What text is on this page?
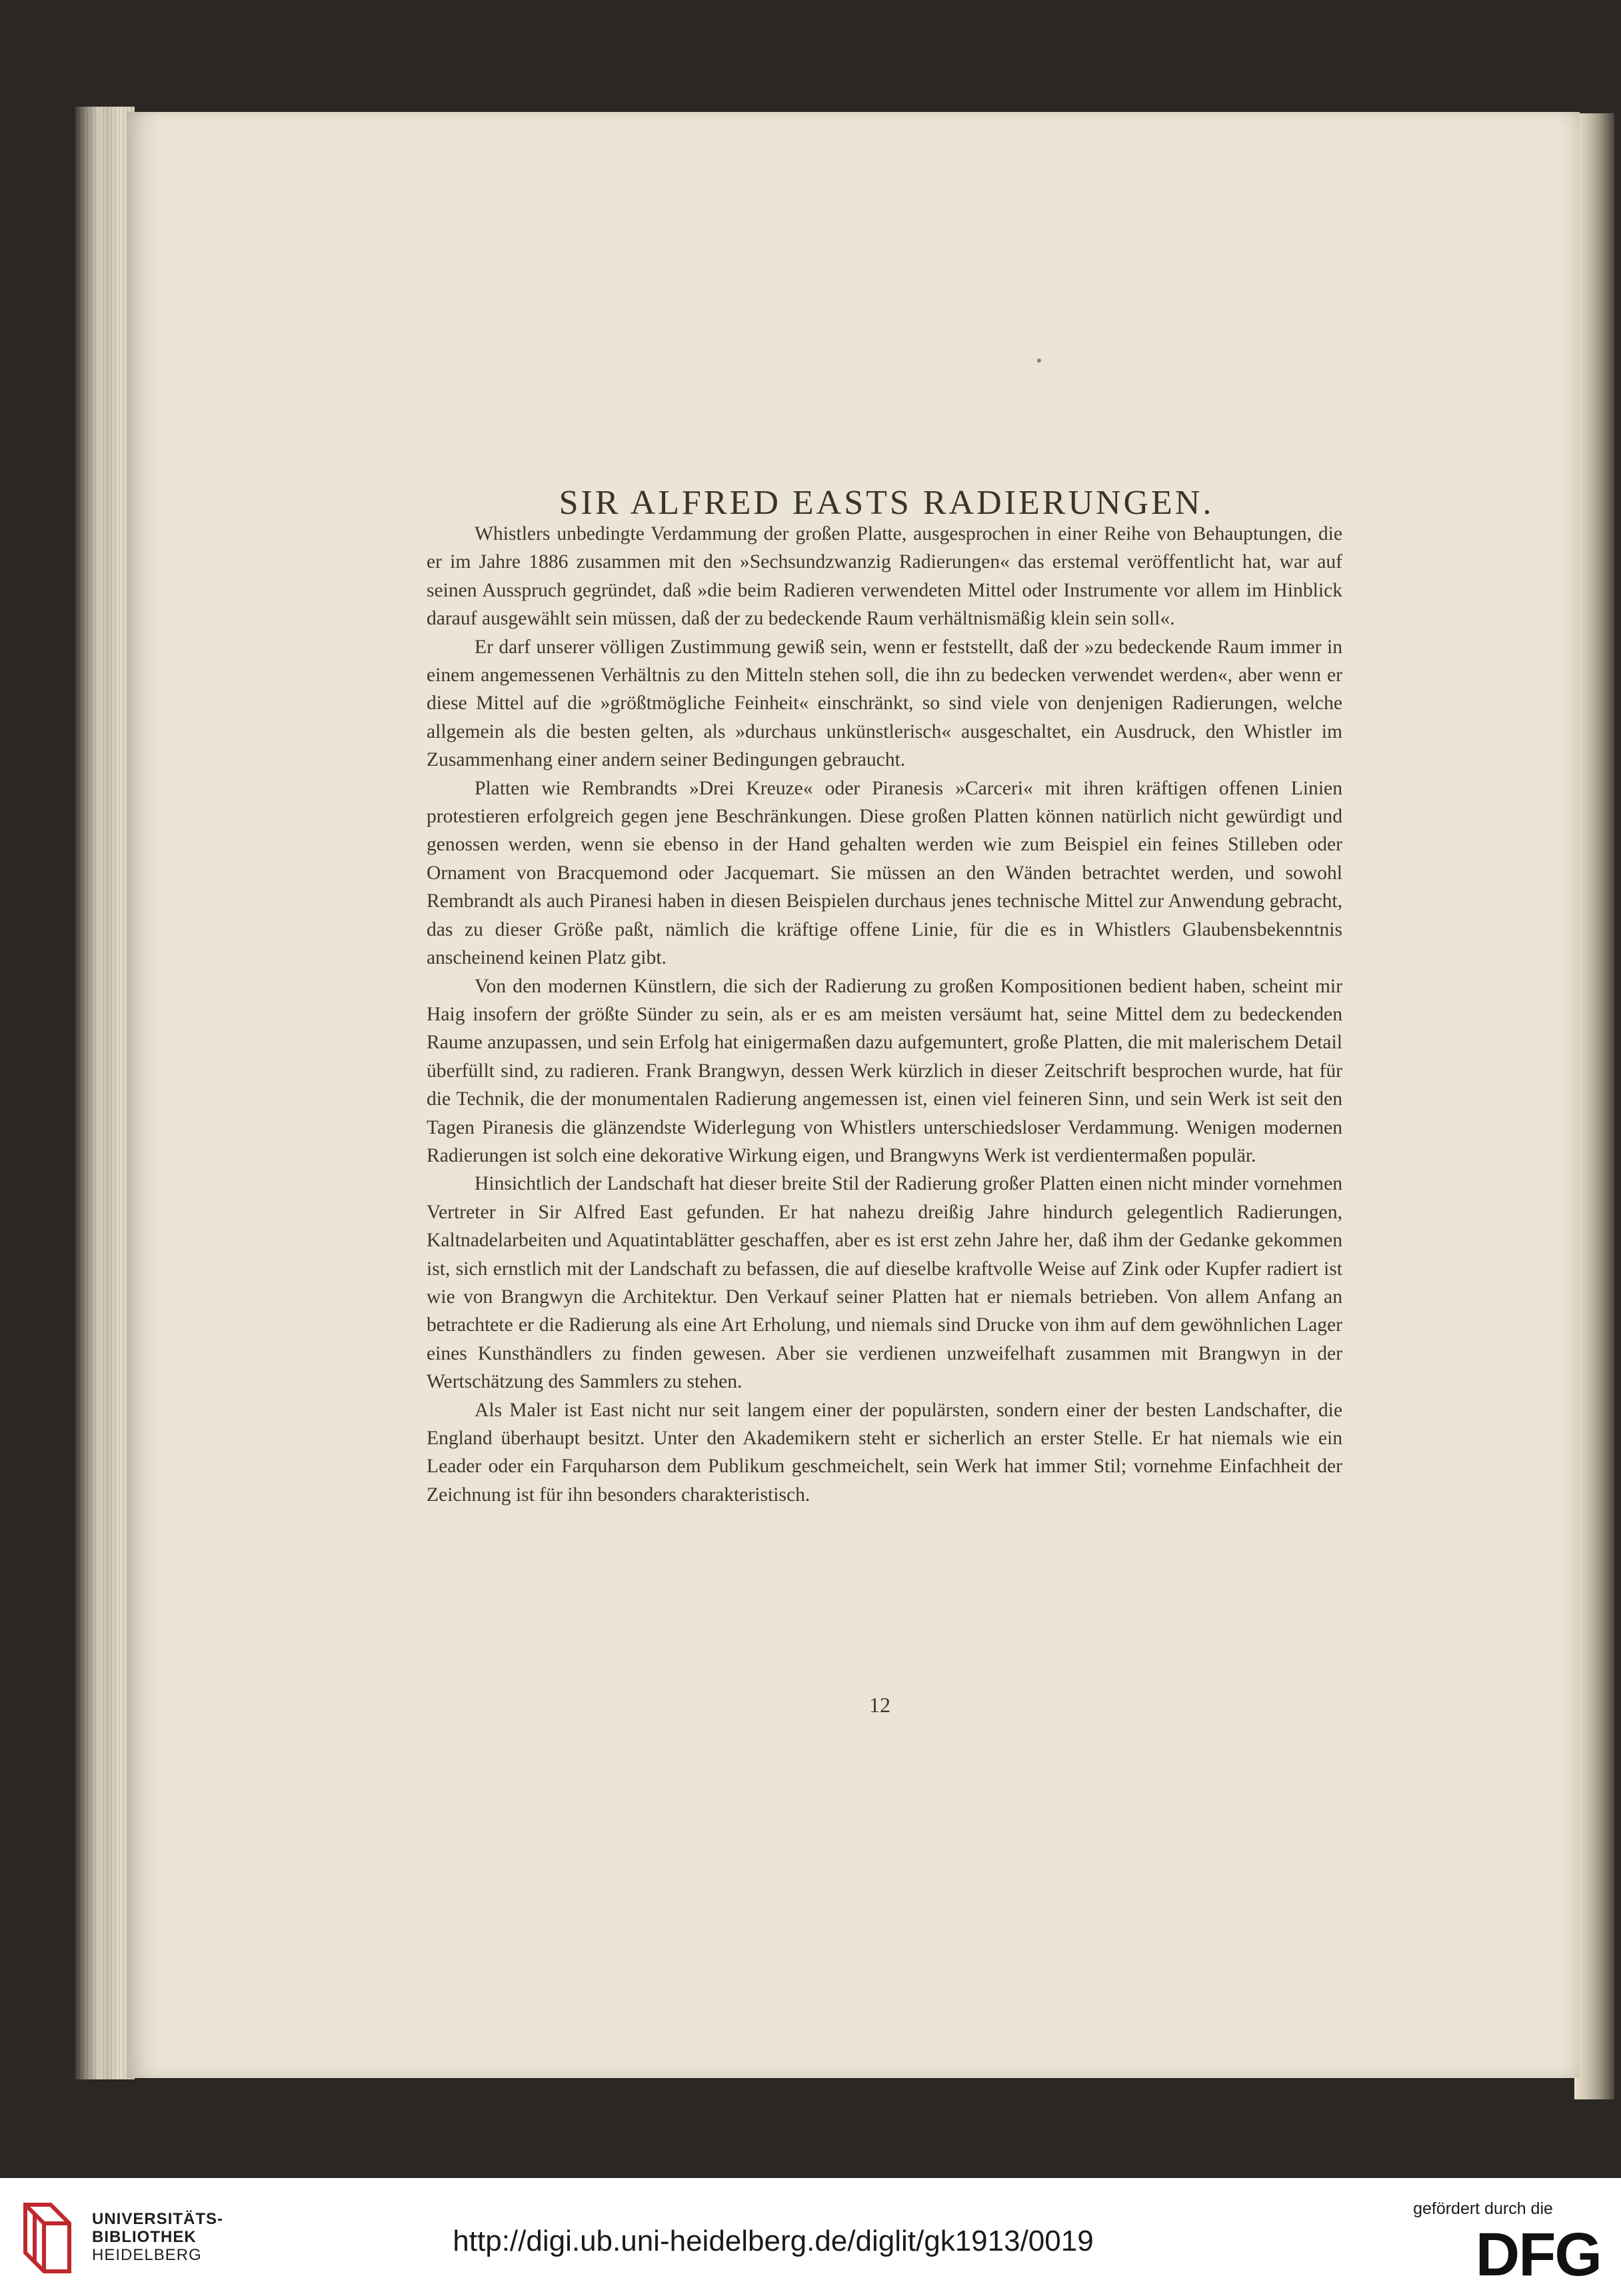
SIR ALFRED EASTS RADIERUNGEN.

Whistlers unbedingte Verdammung der großen Platte, ausgesprochen in einer Reihe von Behauptungen, die er im Jahre 1886 zusammen mit den »Sechsundzwanzig Radierungen« das erstemal veröffentlicht hat, war auf seinen Ausspruch gegründet, daß »die beim Radieren verwendeten Mittel oder Instrumente vor allem im Hinblick darauf ausgewählt sein müssen, daß der zu bedeckende Raum verhältnismäßig klein sein soll«.

Er darf unserer völligen Zustimmung gewiß sein, wenn er feststellt, daß der »zu bedeckende Raum immer in einem angemessenen Verhältnis zu den Mitteln stehen soll, die ihn zu bedecken verwendet werden«, aber wenn er diese Mittel auf die »größtmögliche Feinheit« einschränkt, so sind viele von denjenigen Radierungen, welche allgemein als die besten gelten, als »durchaus unkünstlerisch« ausgeschaltet, ein Ausdruck, den Whistler im Zusammenhang einer andern seiner Bedingungen gebraucht.

Platten wie Rembrandts »Drei Kreuze« oder Piranesis »Carceri« mit ihren kräftigen offenen Linien protestieren erfolgreich gegen jene Beschränkungen. Diese großen Platten können natürlich nicht gewürdigt und genossen werden, wenn sie ebenso in der Hand gehalten werden wie zum Beispiel ein feines Stilleben oder Ornament von Bracquemond oder Jacquemart. Sie müssen an den Wänden betrachtet werden, und sowohl Rembrandt als auch Piranesi haben in diesen Beispielen durchaus jenes technische Mittel zur Anwendung gebracht, das zu dieser Größe paßt, nämlich die kräftige offene Linie, für die es in Whistlers Glaubensbekenntnis anscheinend keinen Platz gibt.

Von den modernen Künstlern, die sich der Radierung zu großen Kompositionen bedient haben, scheint mir Haig insofern der größte Sünder zu sein, als er es am meisten versäumt hat, seine Mittel dem zu bedeckenden Raume anzupassen, und sein Erfolg hat einigermaßen dazu aufgemuntert, große Platten, die mit malerischem Detail überfüllt sind, zu radieren. Frank Brangwyn, dessen Werk kürzlich in dieser Zeitschrift besprochen wurde, hat für die Technik, die der monumentalen Radierung angemessen ist, einen viel feineren Sinn, und sein Werk ist seit den Tagen Piranesis die glänzendste Widerlegung von Whistlers unterschiedsloser Verdammung. Wenigen modernen Radierungen ist solch eine dekorative Wirkung eigen, und Brangwyns Werk ist verdientermaßen populär.

Hinsichtlich der Landschaft hat dieser breite Stil der Radierung großer Platten einen nicht minder vornehmen Vertreter in Sir Alfred East gefunden. Er hat nahezu dreißig Jahre hindurch gelegentlich Radierungen, Kaltnadelarbeiten und Aquatintablätter geschaffen, aber es ist erst zehn Jahre her, daß ihm der Gedanke gekommen ist, sich ernstlich mit der Landschaft zu befassen, die auf dieselbe kraftvolle Weise auf Zink oder Kupfer radiert ist wie von Brangwyn die Architektur. Den Verkauf seiner Platten hat er niemals betrieben. Von allem Anfang an betrachtete er die Radierung als eine Art Erholung, und niemals sind Drucke von ihm auf dem gewöhnlichen Lager eines Kunsthändlers zu finden gewesen. Aber sie verdienen unzweifelhaft zusammen mit Brangwyn in der Wertschätzung des Sammlers zu stehen.

Als Maler ist East nicht nur seit langem einer der populärsten, sondern einer der besten Landschafter, die England überhaupt besitzt. Unter den Akademikern steht er sicherlich an erster Stelle. Er hat niemals wie ein Leader oder ein Farquharson dem Publikum geschmeichelt, sein Werk hat immer Stil; vornehme Einfachheit der Zeichnung ist für ihn besonders charakteristisch.

12
UNIVERSITÄTS-
BIBLIOTHEK
HEIDELBERG	http://digi.ub.uni-heidelberg.de/diglit/gk1913/0019
gefördert durch die
DFG
